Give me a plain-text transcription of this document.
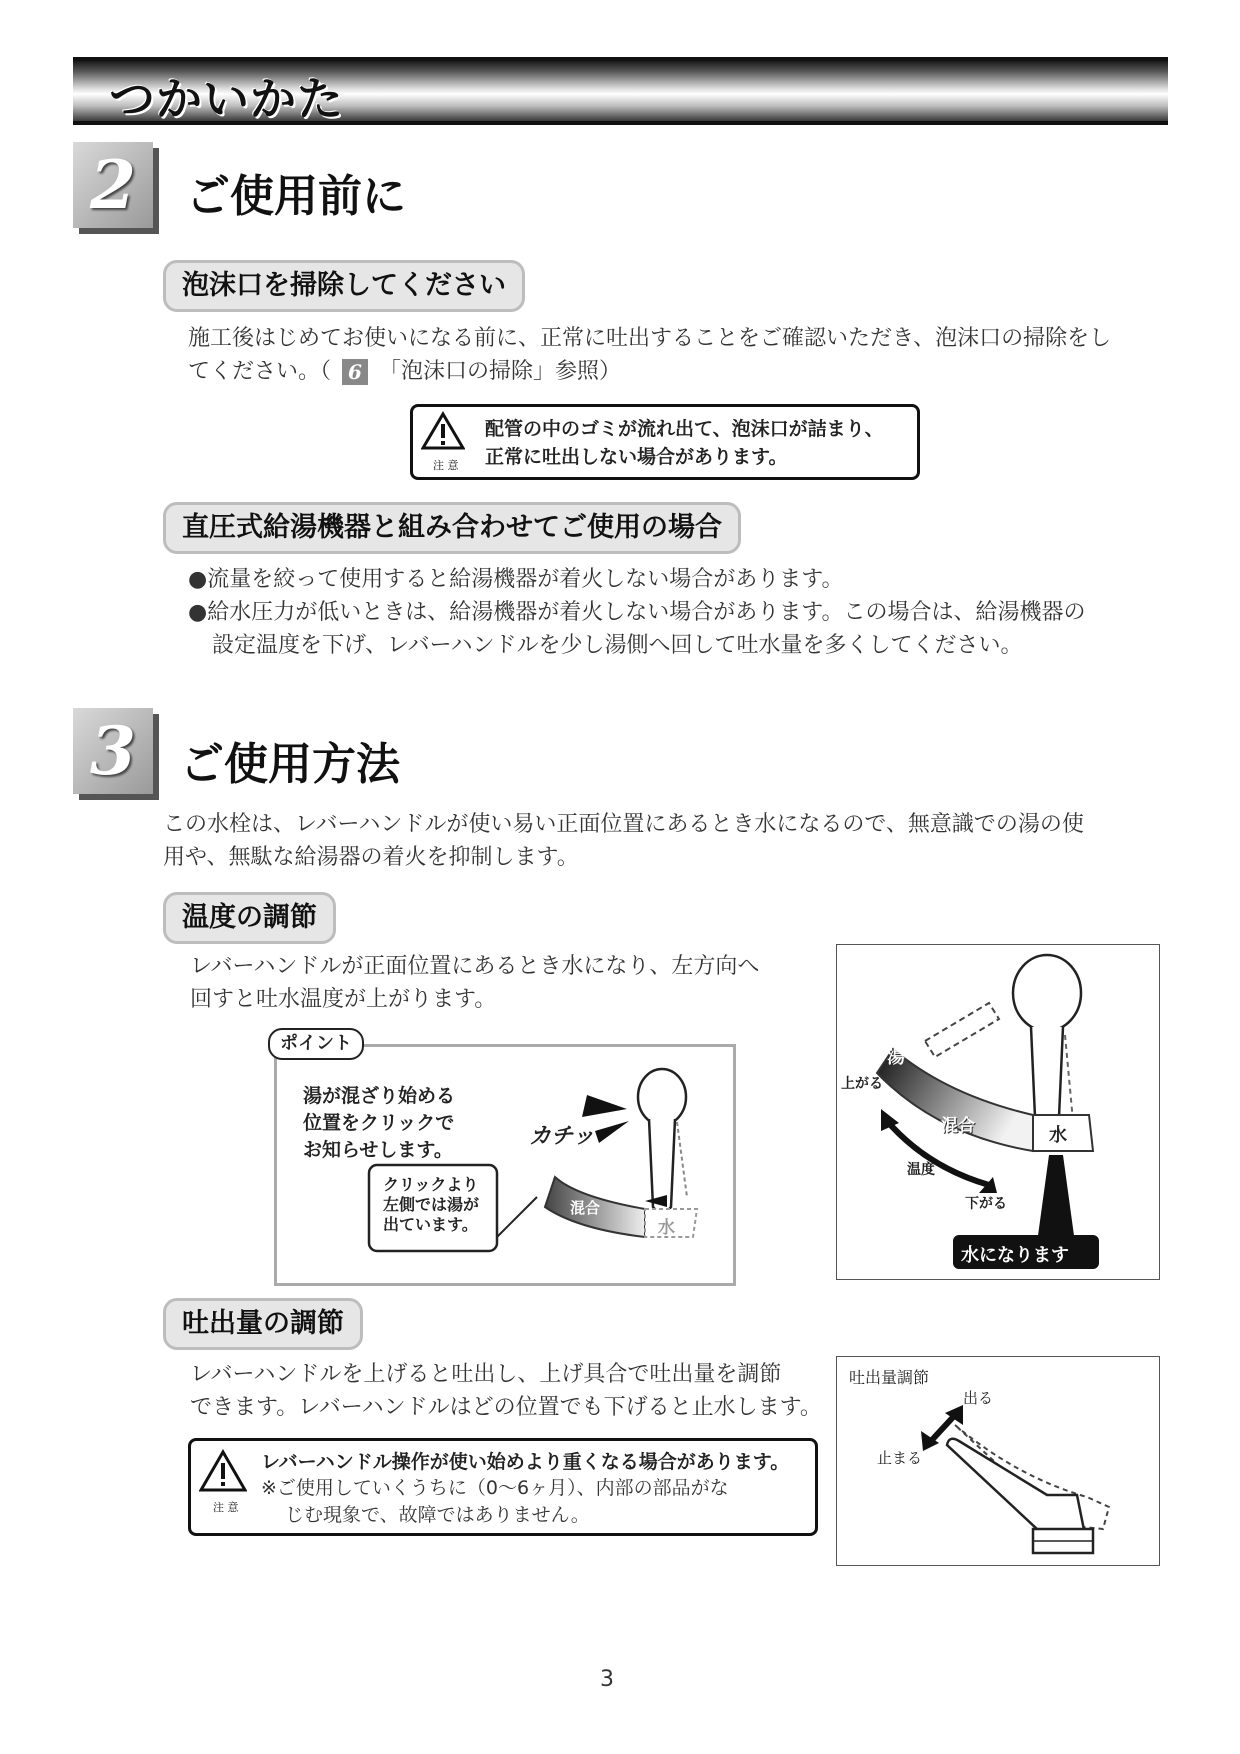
つかいかた
2	ご使用前に
泡沫口を掃除してください
施工後はじめてお使いになる前に、正常に吐出することをご確認いただき、泡沫口の掃除をし
てください。（ 6 「泡沫口の掃除」参照）
注 意
配管の中のゴミが流れ出て、泡沫口が詰まり、
正常に吐出しない場合があります。
直圧式給湯機器と組み合わせてご使用の場合
●流量を絞って使用すると給湯機器が着火しない場合があります。
●給水圧力が低いときは、給湯機器が着火しない場合があります。この場合は、給湯機器の
設定温度を下げ、レバーハンドルを少し湯側へ回して吐水量を多くしてください。
3	ご使用方法
この水栓は、レバーハンドルが使い易い正面位置にあるとき水になるので、無意識での湯の使
用や、無駄な給湯器の着火を抑制します。
温度の調節
レバーハンドルが正面位置にあるとき水になり、左方向へ
回すと吐水温度が上がります。
湯が混ざり始める
位置をクリックで
お知らせします。
カチッ
クリックより
左側では湯が
出ています。
混合
水
ポイント
湯
上がる
混合	水
温度
下がる
水になります
吐出量の調節
レバーハンドルを上げると吐出し、上げ具合で吐出量を調節
できます。レバーハンドルはどの位置でも下げると止水します。
注 意
レバーハンドル操作が使い始めより重くなる場合があります。
※ご使用していくうちに（0〜6ヶ月）、内部の部品がな
じむ現象で、故障ではありません。
吐出量調節
出る
止まる
3
